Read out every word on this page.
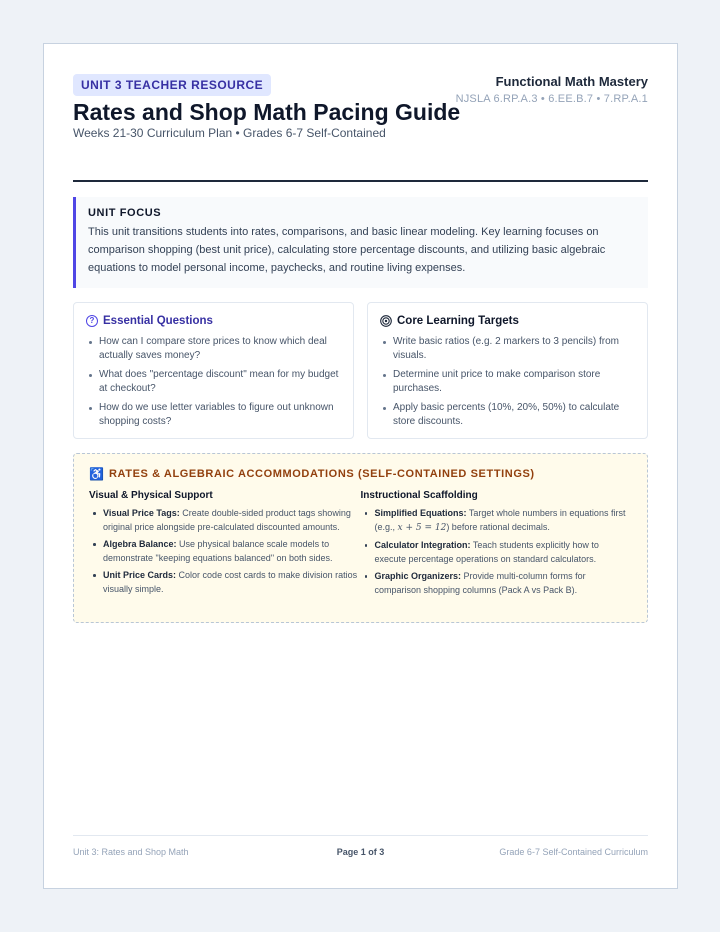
UNIT 3 TEACHER RESOURCE
Rates and Shop Math Pacing Guide
Weeks 21-30 Curriculum Plan • Grades 6-7 Self-Contained
Functional Math Mastery
NJSLA 6.RP.A.3 • 6.EE.B.7 • 7.RP.A.1
UNIT FOCUS
This unit transitions students into rates, comparisons, and basic linear modeling. Key learning focuses on comparison shopping (best unit price), calculating store percentage discounts, and utilizing basic algebraic equations to model personal income, paychecks, and routine living expenses.
? Essential Questions
How can I compare store prices to know which deal actually saves money?
What does "percentage discount" mean for my budget at checkout?
How do we use letter variables to figure out unknown shopping costs?
Core Learning Targets
Write basic ratios (e.g. 2 markers to 3 pencils) from visuals.
Determine unit price to make comparison store purchases.
Apply basic percents (10%, 20%, 50%) to calculate store discounts.
♿ RATES & ALGEBRAIC ACCOMMODATIONS (SELF-CONTAINED SETTINGS)
Visual & Physical Support
Visual Price Tags: Create double-sided product tags showing original price alongside pre-calculated discounted amounts.
Algebra Balance: Use physical balance scale models to demonstrate "keeping equations balanced" on both sides.
Unit Price Cards: Color code cost cards to make division ratios visually simple.
Instructional Scaffolding
Simplified Equations: Target whole numbers in equations first (e.g., x + 5 = 12) before rational decimals.
Calculator Integration: Teach students explicitly how to execute percentage operations on standard calculators.
Graphic Organizers: Provide multi-column forms for comparison shopping columns (Pack A vs Pack B).
Unit 3: Rates and Shop Math	Page 1 of 3	Grade 6-7 Self-Contained Curriculum
